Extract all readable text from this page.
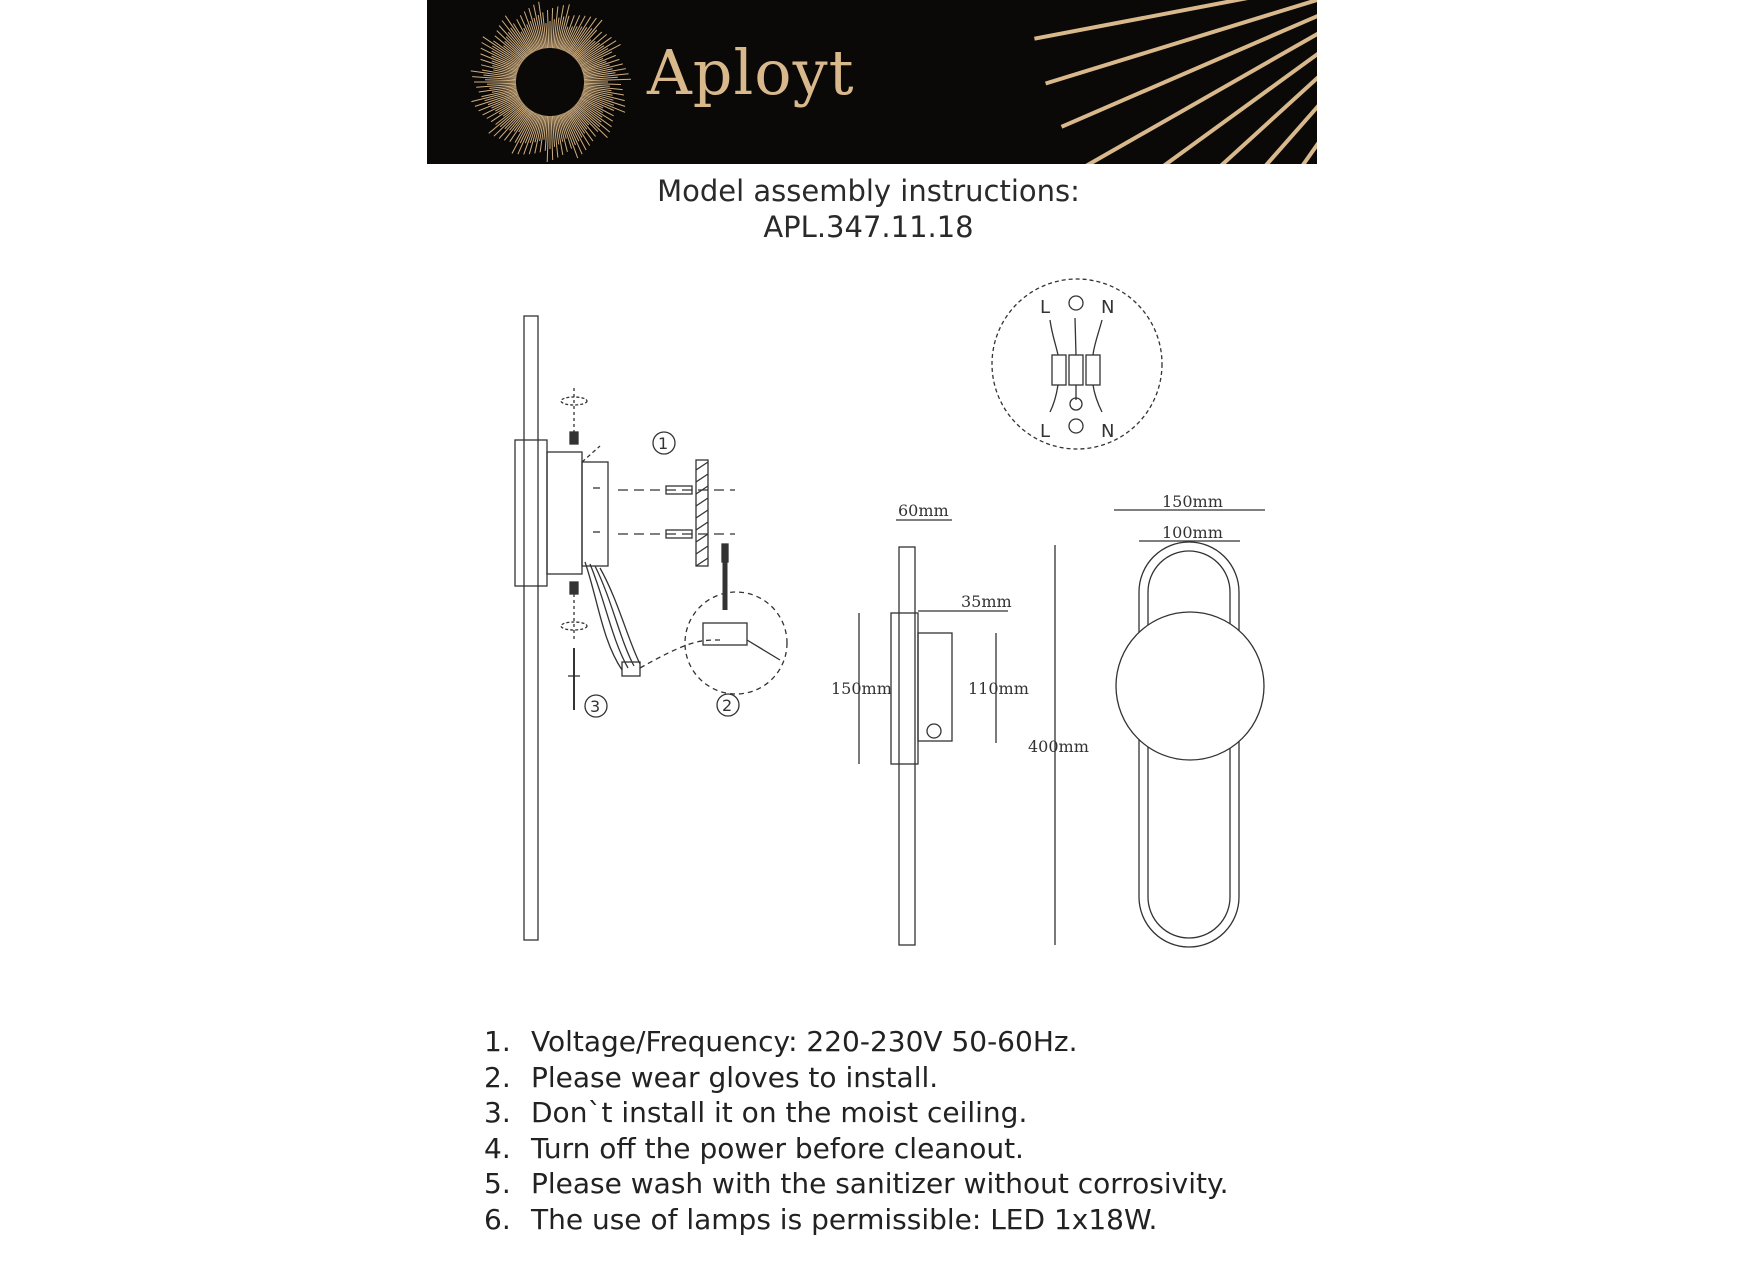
Aployt
Model assembly instructions:
APL.347.11.18
3
1
2
L	N
L	N
60mm
35mm
150mm	110mm
400mm
150mm
100mm
1. Voltage/Frequency: 220-230V 50-60Hz.
2. Please wear gloves to install.
3. Don`t install it on the moist ceiling.
4. Turn off the power before cleanout.
5. Please wash with the sanitizer without corrosivity.
6. The use of lamps is permissible: LED 1x18W.
